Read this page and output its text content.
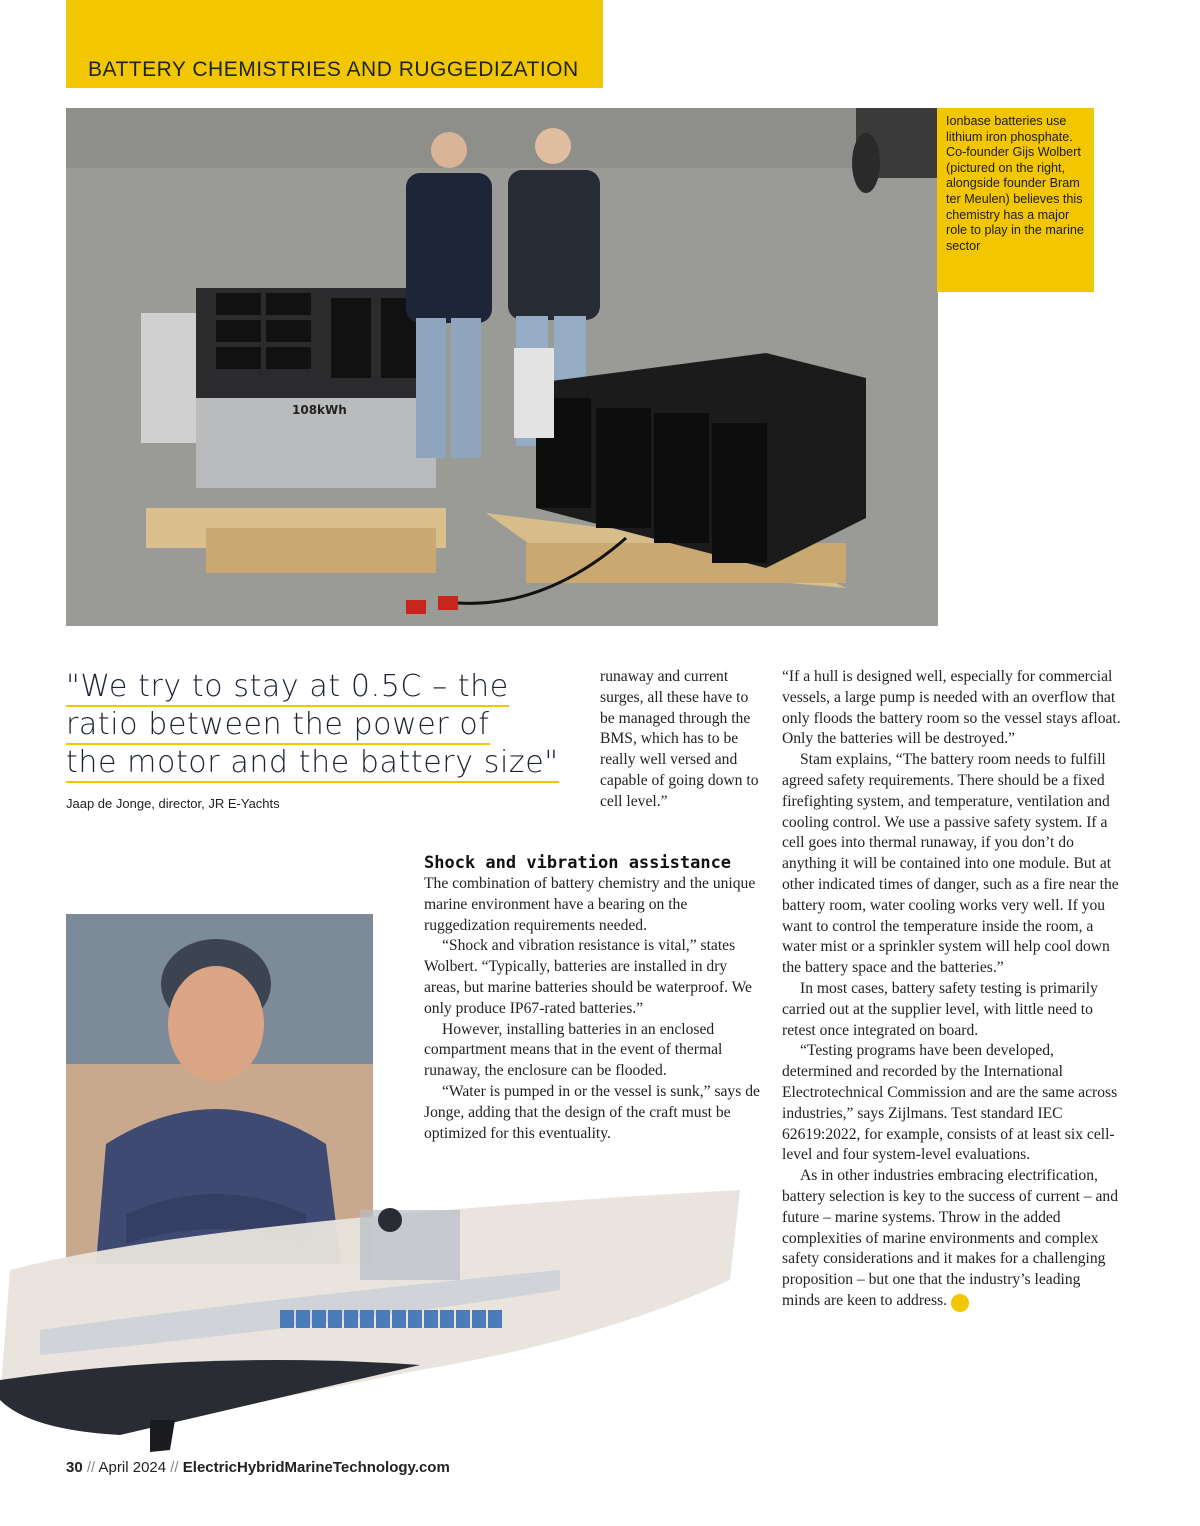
BATTERY CHEMISTRIES AND RUGGEDIZATION
108kWh

Ionbase batteries use lithium iron phosphate. Co-founder Gijs Wolbert (pictured on the right, alongside founder Bram ter Meulen) believes this chemistry has a major role to play in the marine sector

"We try to stay at 0.5C – the
ratio between the power of
the motor and the battery size"
Jaap de Jonge, director, JR E-Yachts

runaway and current surges, all these have to be managed through the BMS, which has to be really well versed and capable of going down to cell level.”

Shock and vibration assistance

The combination of battery chemistry and the unique marine environment have a bearing on the ruggedization requirements needed.

“Shock and vibration resistance is vital,” states Wolbert. “Typically, batteries are installed in dry areas, but marine batteries should be waterproof. We only produce IP67-rated batteries.”

However, installing batteries in an enclosed compartment means that in the event of thermal runaway, the enclosure can be flooded.

“Water is pumped in or the vessel is sunk,” says de Jonge, adding that the design of the craft must be optimized for this eventuality.

“If a hull is designed well, especially for commercial vessels, a large pump is needed with an overflow that only floods the battery room so the vessel stays afloat. Only the batteries will be destroyed.”

Stam explains, “The battery room needs to fulfill agreed safety requirements. There should be a fixed firefighting system, and temperature, ventilation and cooling control. We use a passive safety system. If a cell goes into thermal runaway, if you don’t do anything it will be contained into one module. But at other indicated times of danger, such as a fire near the battery room, water cooling works very well. If you want to control the temperature inside the room, a water mist or a sprinkler system will help cool down the battery space and the batteries.”

In most cases, battery safety testing is primarily carried out at the supplier level, with little need to retest once integrated on board.

“Testing programs have been developed, determined and recorded by the International Electrotechnical Commission and are the same across industries,” says Zijlmans. Test standard IEC 62619:2022, for example, consists of at least six cell-level and four system-level evaluations.

As in other industries embracing electrification, battery selection is key to the success of current – and future – marine systems. Throw in the added complexities of marine environments and complex safety considerations and it makes for a challenging proposition – but one that the industry’s leading minds are keen to address. +

30 // April 2024 // ElectricHybridMarineTechnology.com
